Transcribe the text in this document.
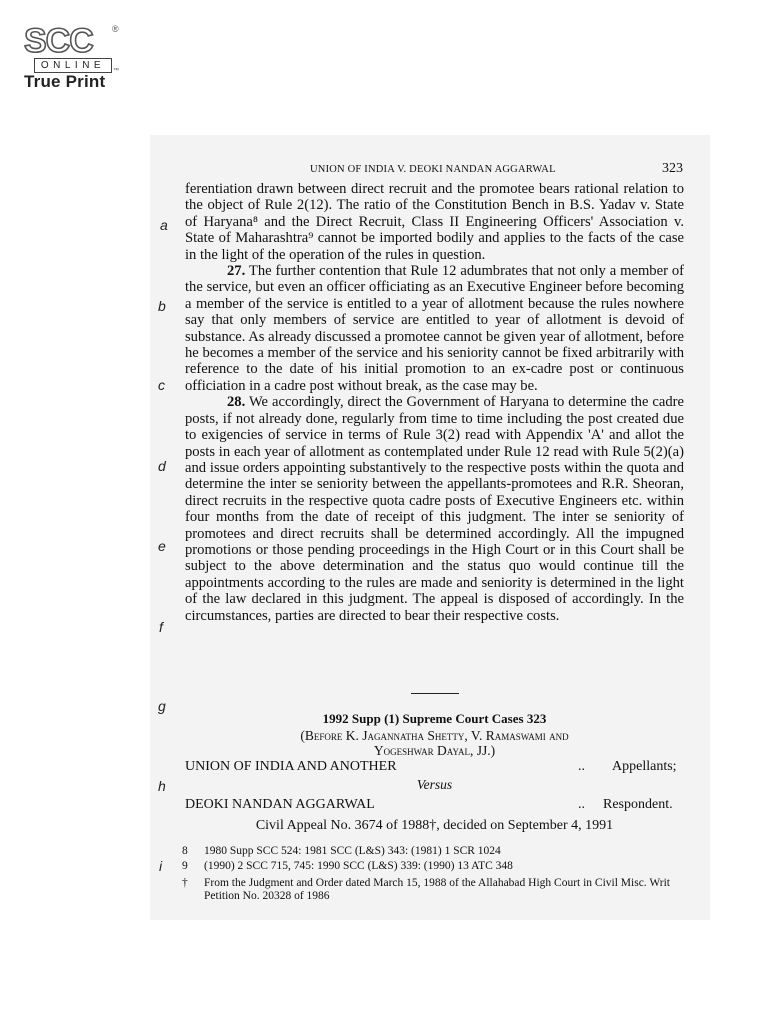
SCC ®
ONLINE	™
True Print
UNION OF INDIA V. DEOKI NANDAN AGGARWAL	323
a
b
c
d
e
f
g
h
i

ferentiation drawn between direct recruit and the promotee bears rational relation to the object of Rule 2(12). The ratio of the Constitution Bench in B.S. Yadav v. State of Haryana⁸ and the Direct Recruit, Class II Engineering Officers' Association v. State of Maharashtra⁹ cannot be imported bodily and applies to the facts of the case in the light of the operation of the rules in question.

27. The further contention that Rule 12 adumbrates that not only a member of the service, but even an officer officiating as an Executive Engineer before becoming a member of the service is entitled to a year of allotment because the rules nowhere say that only members of service are entitled to year of allotment is devoid of substance. As already discussed a promotee cannot be given year of allotment, before he becomes a member of the service and his seniority cannot be fixed arbitrarily with reference to the date of his initial promotion to an ex-cadre post or continuous officiation in a cadre post without break, as the case may be.

28. We accordingly, direct the Government of Haryana to determine the cadre posts, if not already done, regularly from time to time including the post created due to exigencies of service in terms of Rule 3(2) read with Appendix 'A' and allot the posts in each year of allotment as contemplated under Rule 12 read with Rule 5(2)(a) and issue orders appointing substantively to the respective posts within the quota and determine the inter se seniority between the appellants-promotees and R.R. Sheoran, direct recruits in the respective quota cadre posts of Executive Engineers etc. within four months from the date of receipt of this judgment. The inter se seniority of promotees and direct recruits shall be determined accordingly. All the impugned promotions or those pending proceedings in the High Court or in this Court shall be subject to the above determination and the status quo would continue till the appointments according to the rules are made and seniority is determined in the light of the law declared in this judgment. The appeal is disposed of accordingly. In the circumstances, parties are directed to bear their respective costs.

1992 Supp (1) Supreme Court Cases 323
(Before K. Jagannatha Shetty, V. Ramaswami and
Yogeshwar Dayal, JJ.)
UNION OF INDIA AND ANOTHER	.. Appellants;
Versus
DEOKI NANDAN AGGARWAL	.. Respondent.
Civil Appeal No. 3674 of 1988†, decided on September 4, 1991
8 1980 Supp SCC 524: 1981 SCC (L&S) 343: (1981) 1 SCR 1024
9 (1990) 2 SCC 715, 745: 1990 SCC (L&S) 339: (1990) 13 ATC 348
† From the Judgment and Order dated March 15, 1988 of the Allahabad High Court in Civil Misc. Writ Petition No. 20328 of 1986
